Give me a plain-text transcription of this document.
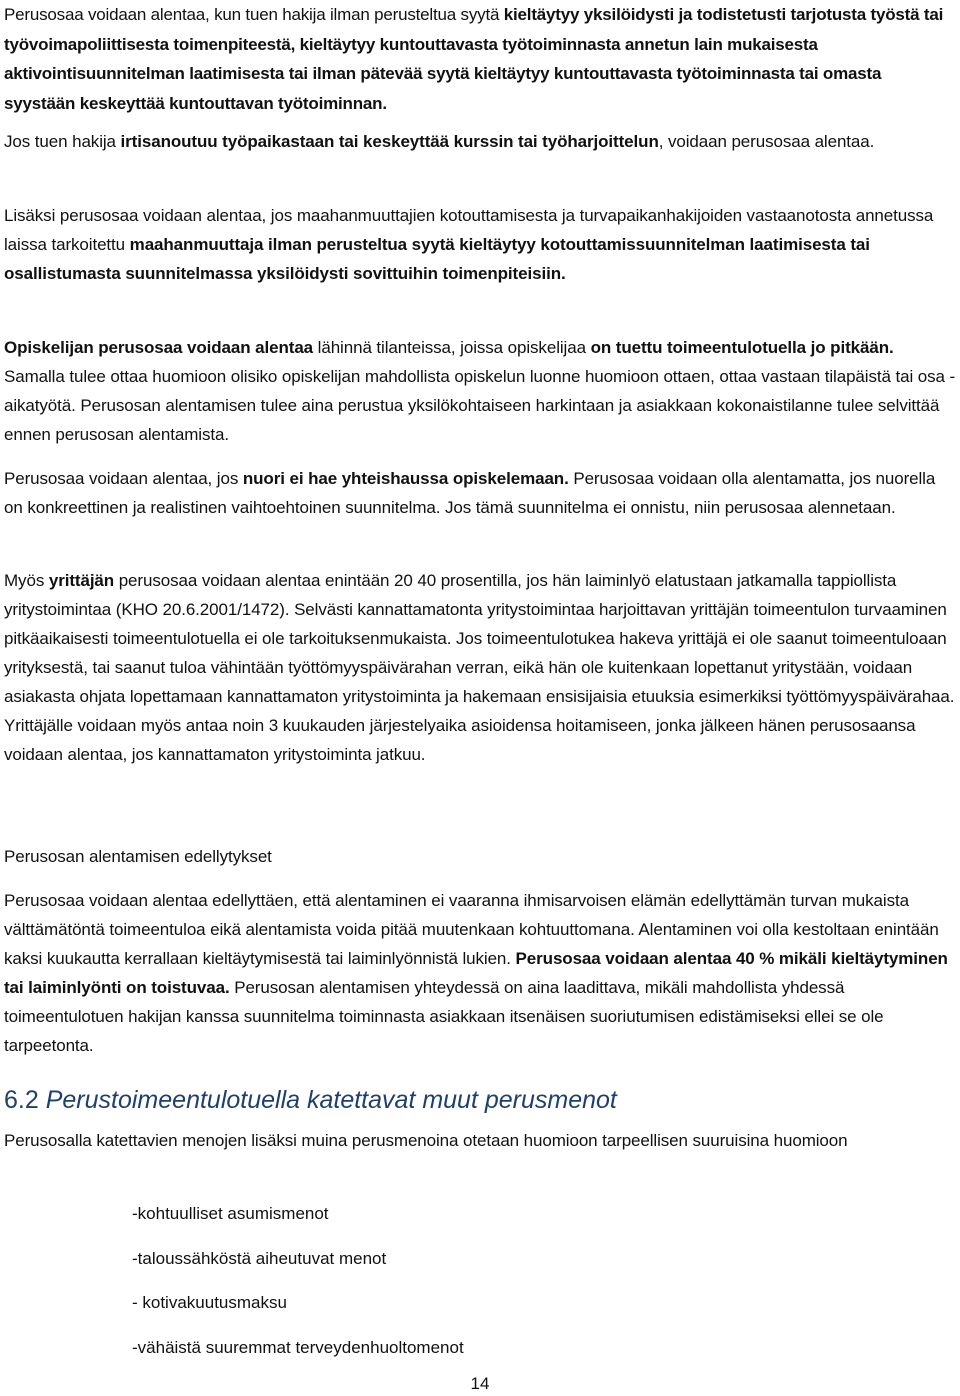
Perusosaa voidaan alentaa, kun tuen hakija ilman perusteltua syytä kieltäytyy yksilöidysti ja todistetusti tarjotusta työstä tai työvoimapoliittisesta toimenpiteestä, kieltäytyy kuntouttavasta työtoiminnasta annetun lain mukaisesta aktivointisuunnitelman laatimisesta tai ilman pätevää syytä kieltäytyy kuntouttavasta työtoiminnasta tai omasta syystään keskeyttää kuntouttavan työtoiminnan.

Jos tuen hakija irtisanoutuu työpaikastaan tai keskeyttää kurssin tai työharjoittelun, voidaan perusosaa alentaa.

Lisäksi perusosaa voidaan alentaa, jos maahanmuuttajien kotouttamisesta ja turvapaikanhakijoiden vastaanotosta annetussa laissa tarkoitettu maahanmuuttaja ilman perusteltua syytä kieltäytyy kotouttamissuunnitelman laatimisesta tai osallistumasta suunnitelmassa yksilöidysti sovittuihin toimenpiteisiin.

Opiskelijan perusosaa voidaan alentaa lähinnä tilanteissa, joissa opiskelijaa on tuettu toimeentulotuella jo pitkään. Samalla tulee ottaa huomioon olisiko opiskelijan mahdollista opiskelun luonne huomioon ottaen, ottaa vastaan tilapäistä tai osa -aikatyötä. Perusosan alentamisen tulee aina perustua yksilökohtaiseen harkintaan ja asiakkaan kokonaistilanne tulee selvittää ennen perusosan alentamista.

Perusosaa voidaan alentaa, jos nuori ei hae yhteishaussa opiskelemaan. Perusosaa voidaan olla alentamatta, jos nuorella on konkreettinen ja realistinen vaihtoehtoinen suunnitelma. Jos tämä suunnitelma ei onnistu, niin perusosaa alennetaan.

Myös yrittäjän perusosaa voidaan alentaa enintään 20 40 prosentilla, jos hän laiminlyö elatustaan jatkamalla tappiollista yritystoimintaa (KHO 20.6.2001/1472). Selvästi kannattamatonta yritystoimintaa harjoittavan yrittäjän toimeentulon turvaaminen pitkäaikaisesti toimeentulotuella ei ole tarkoituksenmukaista. Jos toimeentulotukea hakeva yrittäjä ei ole saanut toimeentuloaan yrityksestä, tai saanut tuloa vähintään työttömyyspäivärahan verran, eikä hän ole kuitenkaan lopettanut yritystään, voidaan asiakasta ohjata lopettamaan kannattamaton yritystoiminta ja hakemaan ensisijaisia etuuksia esimerkiksi työttömyyspäivärahaa. Yrittäjälle voidaan myös antaa noin 3 kuukauden järjestelyaika asioidensa hoitamiseen, jonka jälkeen hänen perusosaansa voidaan alentaa, jos kannattamaton yritystoiminta jatkuu.

Perusosan alentamisen edellytykset

Perusosaa voidaan alentaa edellyttäen, että alentaminen ei vaaranna ihmisarvoisen elämän edellyttämän turvan mukaista välttämätöntä toimeentuloa eikä alentamista voida pitää muutenkaan kohtuuttomana. Alentaminen voi olla kestoltaan enintään kaksi kuukautta kerrallaan kieltäytymisestä tai laiminlyönnistä lukien. Perusosaa voidaan alentaa 40 % mikäli kieltäytyminen tai laiminlyönti on toistuvaa. Perusosan alentamisen yhteydessä on aina laadittava, mikäli mahdollista yhdessä toimeentulotuen hakijan kanssa suunnitelma toiminnasta asiakkaan itsenäisen suoriutumisen edistämiseksi ellei se ole tarpeetonta.

6.2 Perustoimeentulotuella katettavat muut perusmenot

Perusosalla katettavien menojen lisäksi muina perusmenoina otetaan huomioon tarpeellisen suuruisina huomioon

-kohtuulliset asumismenot
-taloussähköstä aiheutuvat menot
- kotivakuutusmaksu
-vähäistä suuremmat terveydenhuoltomenot
14
